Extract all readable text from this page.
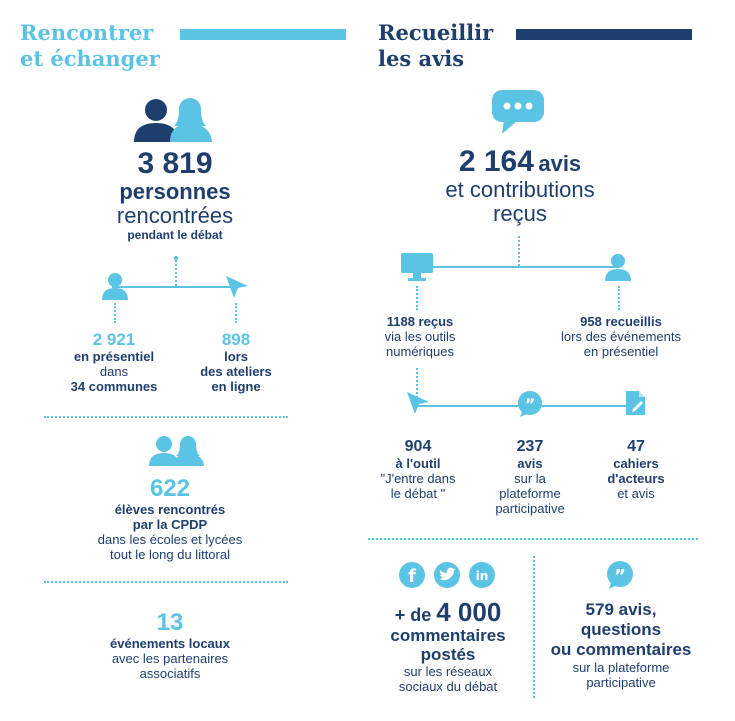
Rencontrer
et échanger
3 819
personnes
rencontrées
pendant le débat
2 921
en présentiel
dans
34 communes
898
lors
des ateliers
en ligne
622
élèves rencontrés
par la CPDP
dans les écoles et lycées
tout le long du littoral
13
événements locaux
avec les partenaires
associatifs
Recueillir
les avis
2 164 avis
et contributions
reçus
1188 reçus
via les outils
numériques
958 recueillis
lors des événements
en présentiel
”
904
à l'outil
"J'entre dans
le débat "
237
avis
sur la
plateforme
participative
47
cahiers
d'acteurs
et avis
f	in
+ de 4 000
commentaires
postés
sur les réseaux
sociaux du débat
”
579 avis,
questions
ou commentaires
sur la plateforme
participative
